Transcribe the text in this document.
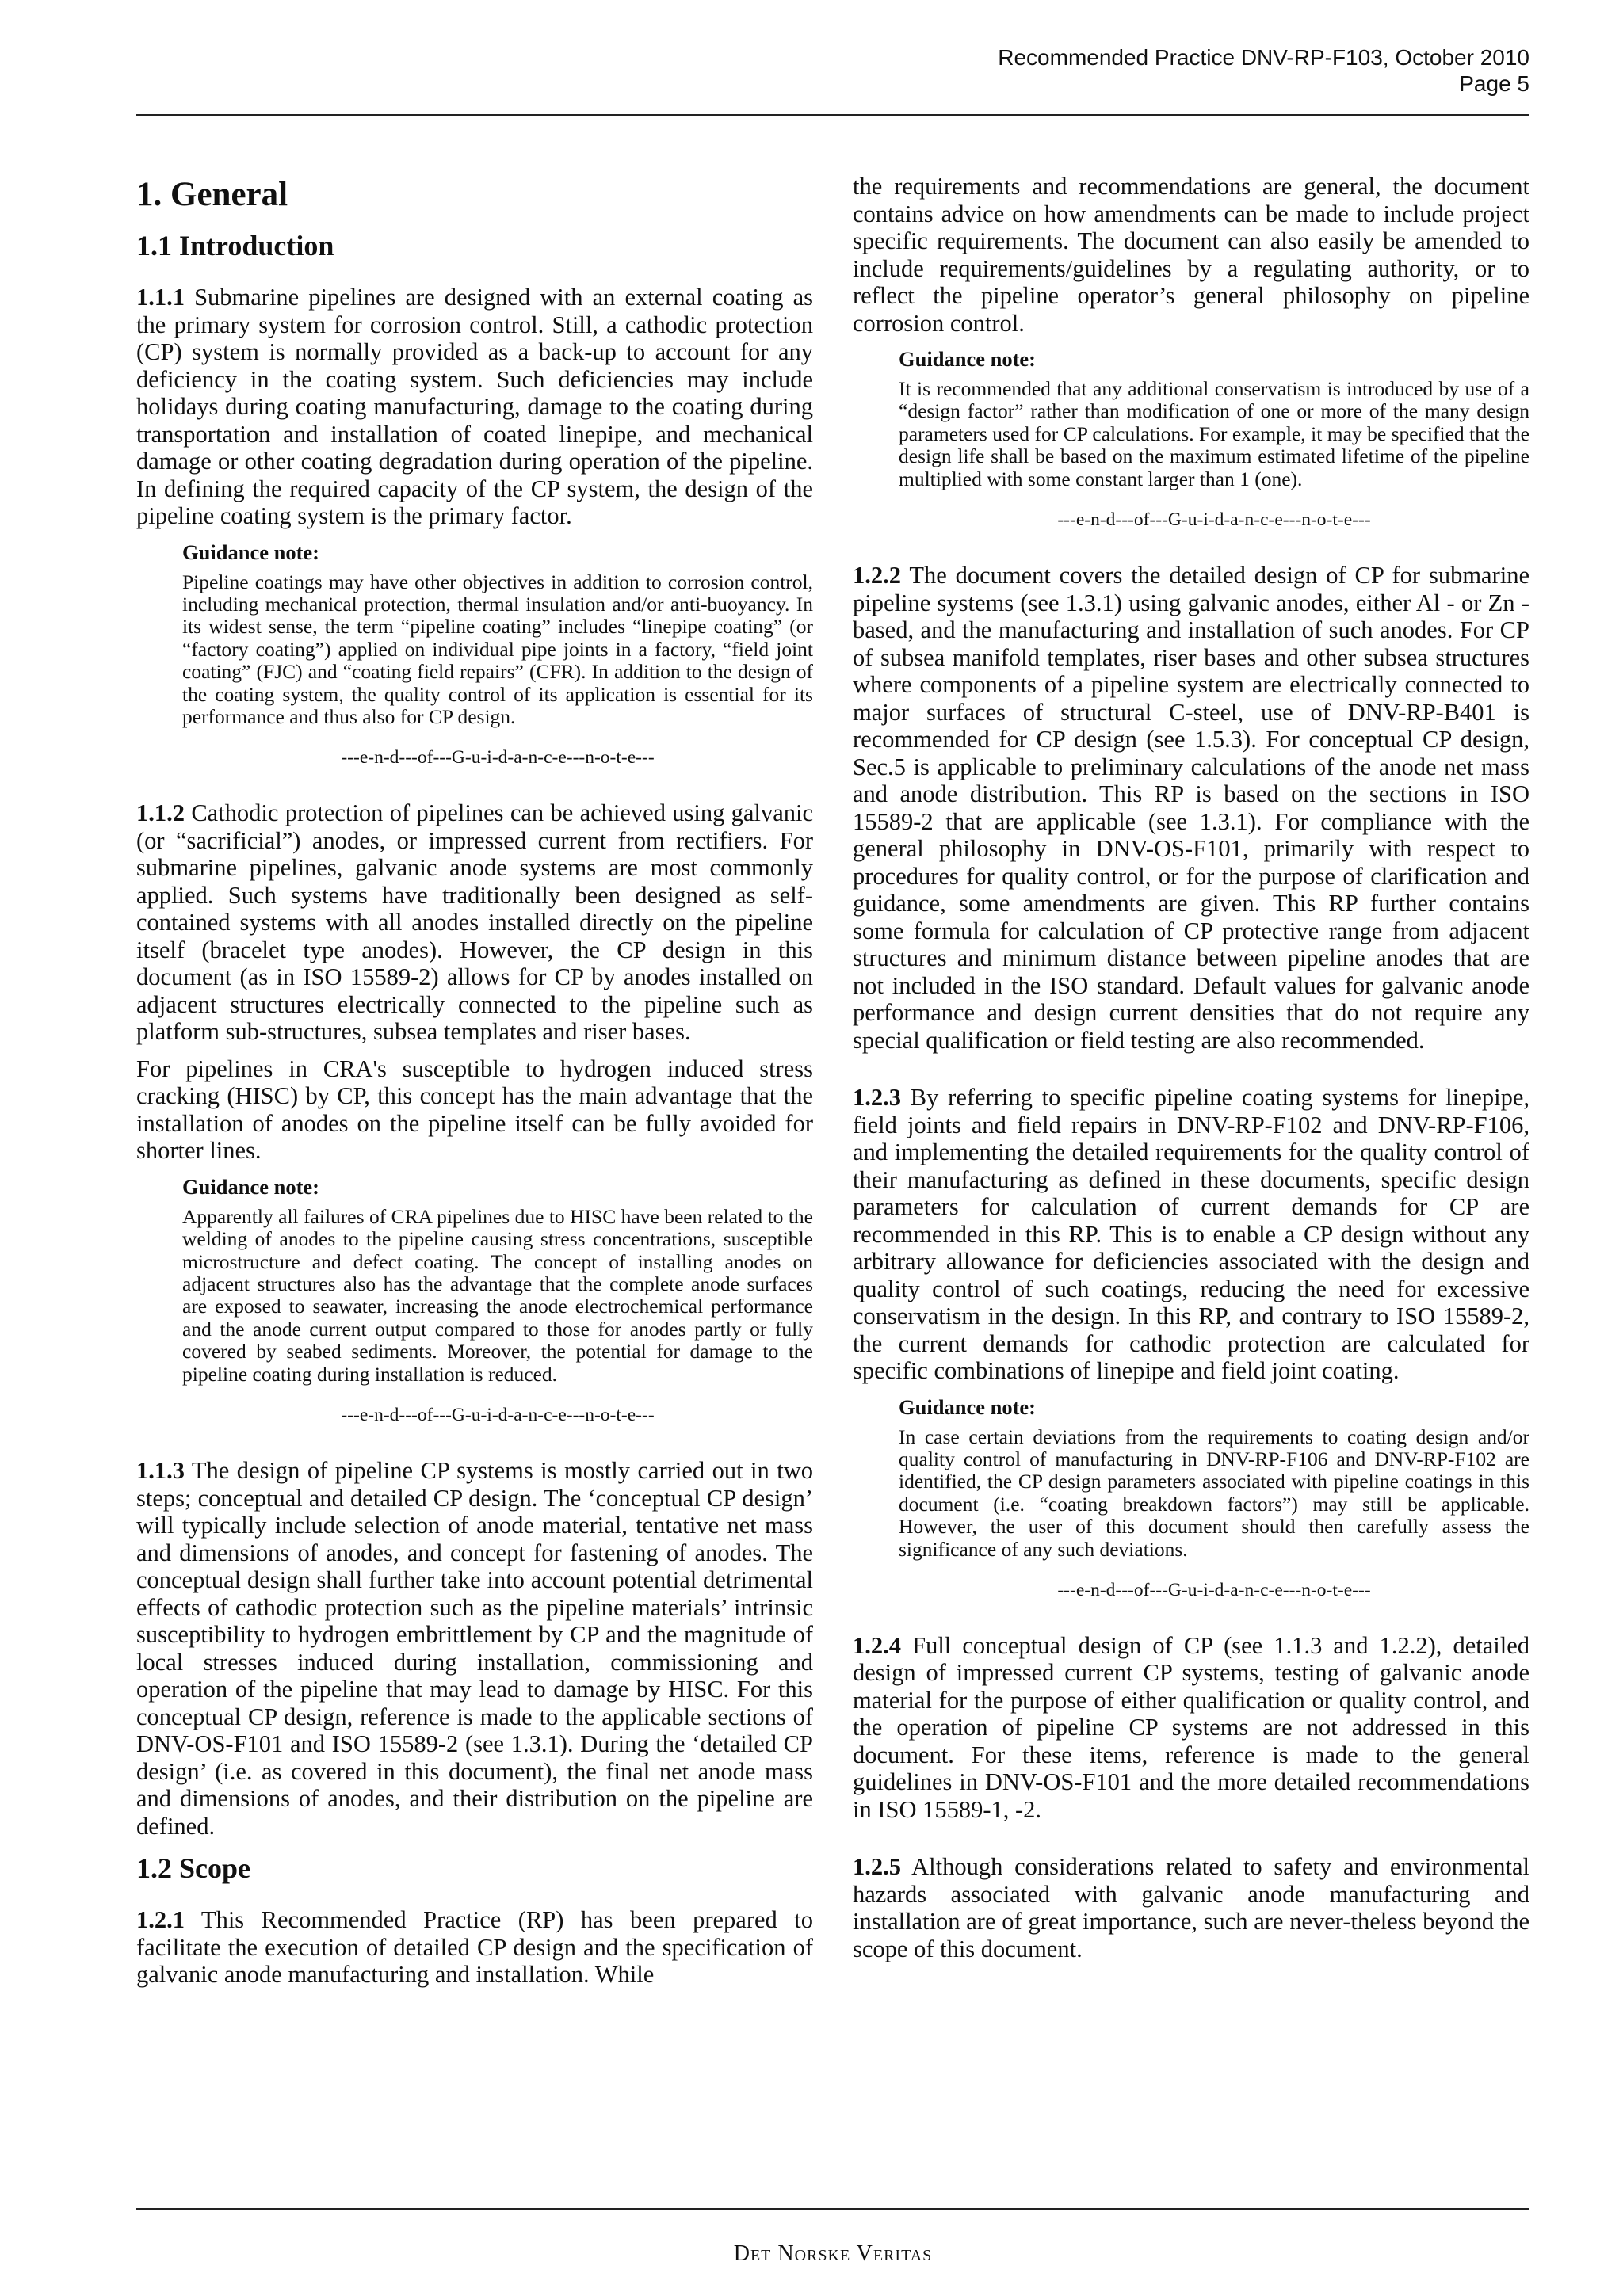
Recommended Practice DNV-RP-F103, October 2010
Page 5
1. General
1.1 Introduction

1.1.1 Submarine pipelines are designed with an external coating as the primary system for corrosion control. Still, a cathodic protection (CP) system is normally provided as a back-up to account for any deficiency in the coating system. Such deficiencies may include holidays during coating manufacturing, damage to the coating during transportation and installation of coated linepipe, and mechanical damage or other coating degradation during operation of the pipeline. In defining the required capacity of the CP system, the design of the pipeline coating system is the primary factor.

Guidance note:
Pipeline coatings may have other objectives in addition to corrosion control, including mechanical protection, thermal insulation and/or anti-buoyancy. In its widest sense, the term “pipeline coating” includes “linepipe coating” (or “factory coating”) applied on individual pipe joints in a factory, “field joint coating” (FJC) and “coating field repairs” (CFR). In addition to the design of the coating system, the quality control of its application is essential for its performance and thus also for CP design.
---e-n-d---of---G-u-i-d-a-n-c-e---n-o-t-e---

1.1.2 Cathodic protection of pipelines can be achieved using galvanic (or “sacrificial”) anodes, or impressed current from rectifiers. For submarine pipelines, galvanic anode systems are most commonly applied. Such systems have traditionally been designed as self-contained systems with all anodes installed directly on the pipeline itself (bracelet type anodes). However, the CP design in this document (as in ISO 15589-2) allows for CP by anodes installed on adjacent structures electrically connected to the pipeline such as platform sub-structures, subsea templates and riser bases.

For pipelines in CRA's susceptible to hydrogen induced stress cracking (HISC) by CP, this concept has the main advantage that the installation of anodes on the pipeline itself can be fully avoided for shorter lines.

Guidance note:
Apparently all failures of CRA pipelines due to HISC have been related to the welding of anodes to the pipeline causing stress concentrations, susceptible microstructure and defect coating. The concept of installing anodes on adjacent structures also has the advantage that the complete anode surfaces are exposed to seawater, increasing the anode electrochemical performance and the anode current output compared to those for anodes partly or fully covered by seabed sediments. Moreover, the potential for damage to the pipeline coating during installation is reduced.
---e-n-d---of---G-u-i-d-a-n-c-e---n-o-t-e---

1.1.3 The design of pipeline CP systems is mostly carried out in two steps; conceptual and detailed CP design. The ‘conceptual CP design’ will typically include selection of anode material, tentative net mass and dimensions of anodes, and concept for fastening of anodes. The conceptual design shall further take into account potential detrimental effects of cathodic protection such as the pipeline materials’ intrinsic susceptibility to hydrogen embrittlement by CP and the magnitude of local stresses induced during installation, commissioning and operation of the pipeline that may lead to damage by HISC. For this conceptual CP design, reference is made to the applicable sections of DNV-OS-F101 and ISO 15589-2 (see 1.3.1). During the ‘detailed CP design’ (i.e. as covered in this document), the final net anode mass and dimensions of anodes, and their distribution on the pipeline are defined.

1.2 Scope

1.2.1 This Recommended Practice (RP) has been prepared to facilitate the execution of detailed CP design and the specification of galvanic anode manufacturing and installation. While

the requirements and recommendations are general, the document contains advice on how amendments can be made to include project specific requirements. The document can also easily be amended to include requirements/guidelines by a regulating authority, or to reflect the pipeline operator’s general philosophy on pipeline corrosion control.

Guidance note:
It is recommended that any additional conservatism is introduced by use of a “design factor” rather than modification of one or more of the many design parameters used for CP calculations. For example, it may be specified that the design life shall be based on the maximum estimated lifetime of the pipeline multiplied with some constant larger than 1 (one).
---e-n-d---of---G-u-i-d-a-n-c-e---n-o-t-e---

1.2.2 The document covers the detailed design of CP for submarine pipeline systems (see 1.3.1) using galvanic anodes, either Al - or Zn -based, and the manufacturing and installation of such anodes. For CP of subsea manifold templates, riser bases and other subsea structures where components of a pipeline system are electrically connected to major surfaces of structural C-steel, use of DNV-RP-B401 is recommended for CP design (see 1.5.3). For conceptual CP design, Sec.5 is applicable to preliminary calculations of the anode net mass and anode distribution. This RP is based on the sections in ISO 15589-2 that are applicable (see 1.3.1). For compliance with the general philosophy in DNV-OS-F101, primarily with respect to procedures for quality control, or for the purpose of clarification and guidance, some amendments are given. This RP further contains some formula for calculation of CP protective range from adjacent structures and minimum distance between pipeline anodes that are not included in the ISO standard. Default values for galvanic anode performance and design current densities that do not require any special qualification or field testing are also recommended.

1.2.3 By referring to specific pipeline coating systems for linepipe, field joints and field repairs in DNV-RP-F102 and DNV-RP-F106, and implementing the detailed requirements for the quality control of their manufacturing as defined in these documents, specific design parameters for calculation of current demands for CP are recommended in this RP. This is to enable a CP design without any arbitrary allowance for deficiencies associated with the design and quality control of such coatings, reducing the need for excessive conservatism in the design. In this RP, and contrary to ISO 15589-2, the current demands for cathodic protection are calculated for specific combinations of linepipe and field joint coating.

Guidance note:
In case certain deviations from the requirements to coating design and/or quality control of manufacturing in DNV-RP-F106 and DNV-RP-F102 are identified, the CP design parameters associated with pipeline coatings in this document (i.e. “coating breakdown factors”) may still be applicable. However, the user of this document should then carefully assess the significance of any such deviations.
---e-n-d---of---G-u-i-d-a-n-c-e---n-o-t-e---

1.2.4 Full conceptual design of CP (see 1.1.3 and 1.2.2), detailed design of impressed current CP systems, testing of galvanic anode material for the purpose of either qualification or quality control, and the operation of pipeline CP systems are not addressed in this document. For these items, reference is made to the general guidelines in DNV-OS-F101 and the more detailed recommendations in ISO 15589-1, -2.

1.2.5 Although considerations related to safety and environmental hazards associated with galvanic anode manufacturing and installation are of great importance, such are never-theless beyond the scope of this document.

Det Norske Veritas
